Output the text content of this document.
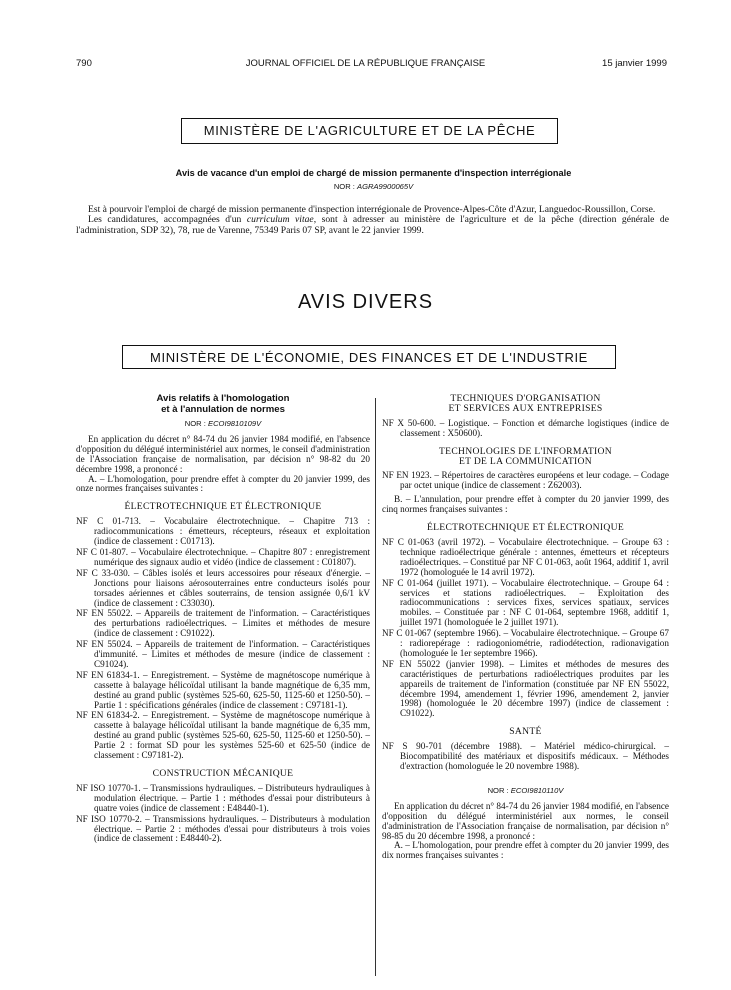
790	JOURNAL OFFICIEL DE LA RÉPUBLIQUE FRANÇAISE	15 janvier 1999
MINISTÈRE DE L'AGRICULTURE ET DE LA PÊCHE
Avis de vacance d'un emploi de chargé de mission permanente d'inspection interrégionale
NOR : AGRA9900065V

Est à pourvoir l'emploi de chargé de mission permanente d'inspection interrégionale de Provence-Alpes-Côte d'Azur, Languedoc-Roussillon, Corse.

Les candidatures, accompagnées d'un curriculum vitae, sont à adresser au ministère de l'agriculture et de la pêche (direction générale de l'administration, SDP 32), 78, rue de Varenne, 75349 Paris 07 SP, avant le 22 janvier 1999.

AVIS DIVERS
MINISTÈRE DE L'ÉCONOMIE, DES FINANCES ET DE L'INDUSTRIE
Avis relatifs à l'homologation
et à l'annulation de normes
NOR : ECOI9810109V

En application du décret n° 84-74 du 26 janvier 1984 modifié, en l'absence d'opposition du délégué interministériel aux normes, le conseil d'administration de l'Association française de normalisation, par décision n° 98-82 du 20 décembre 1998, a prononcé :

A. – L'homologation, pour prendre effet à compter du 20 janvier 1999, des onze normes françaises suivantes :

ÉLECTROTECHNIQUE ET ÉLECTRONIQUE

NF C 01-713. – Vocabulaire électrotechnique. – Chapitre 713 : radiocommunications : émetteurs, récepteurs, réseaux et exploitation (indice de classement : C01713).

NF C 01-807. – Vocabulaire électrotechnique. – Chapitre 807 : enregistrement numérique des signaux audio et vidéo (indice de classement : C01807).

NF C 33-030. – Câbles isolés et leurs accessoires pour réseaux d'énergie. – Jonctions pour liaisons aérosouterraines entre conducteurs isolés pour torsades aériennes et câbles souterrains, de tension assignée 0,6/1 kV (indice de classement : C33030).

NF EN 55022. – Appareils de traitement de l'information. – Caractéristiques des perturbations radioélectriques. – Limites et méthodes de mesure (indice de classement : C91022).

NF EN 55024. – Appareils de traitement de l'information. – Caractéristiques d'immunité. – Limites et méthodes de mesure (indice de classement : C91024).

NF EN 61834-1. – Enregistrement. – Système de magnétoscope numérique à cassette à balayage hélicoïdal utilisant la bande magnétique de 6,35 mm, destiné au grand public (systèmes 525-60, 625-50, 1125-60 et 1250-50). – Partie 1 : spécifications générales (indice de classement : C97181-1).

NF EN 61834-2. – Enregistrement. – Système de magnétoscope numérique à cassette à balayage hélicoïdal utilisant la bande magnétique de 6,35 mm, destiné au grand public (systèmes 525-60, 625-50, 1125-60 et 1250-50). – Partie 2 : format SD pour les systèmes 525-60 et 625-50 (indice de classement : C97181-2).

CONSTRUCTION MÉCANIQUE

NF ISO 10770-1. – Transmissions hydrauliques. – Distributeurs hydrauliques à modulation électrique. – Partie 1 : méthodes d'essai pour distributeurs à quatre voies (indice de classement : E48440-1).

NF ISO 10770-2. – Transmissions hydrauliques. – Distributeurs à modulation électrique. – Partie 2 : méthodes d'essai pour distributeurs à trois voies (indice de classement : E48440-2).

TECHNIQUES D'ORGANISATION
ET SERVICES AUX ENTREPRISES

NF X 50-600. – Logistique. – Fonction et démarche logistiques (indice de classement : X50600).

TECHNOLOGIES DE L'INFORMATION
ET DE LA COMMUNICATION

NF EN 1923. – Répertoires de caractères européens et leur codage. – Codage par octet unique (indice de classement : Z62003).

B. – L'annulation, pour prendre effet à compter du 20 janvier 1999, des cinq normes françaises suivantes :

ÉLECTROTECHNIQUE ET ÉLECTRONIQUE

NF C 01-063 (avril 1972). – Vocabulaire électrotechnique. – Groupe 63 : technique radioélectrique générale : antennes, émetteurs et récepteurs radioélectriques. – Constitué par NF C 01-063, août 1964, additif 1, avril 1972 (homologuée le 14 avril 1972).

NF C 01-064 (juillet 1971). – Vocabulaire électrotechnique. – Groupe 64 : services et stations radioélectriques. – Exploitation des radiocommunications : services fixes, services spatiaux, services mobiles. – Constituée par : NF C 01-064, septembre 1968, additif 1, juillet 1971 (homologuée le 2 juillet 1971).

NF C 01-067 (septembre 1966). – Vocabulaire électrotechnique. – Groupe 67 : radiorepérage : radiogoniométrie, radiodétection, radionavigation (homologuée le 1er septembre 1966).

NF EN 55022 (janvier 1998). – Limites et méthodes de mesures des caractéristiques de perturbations radioélectriques produites par les appareils de traitement de l'information (constituée par NF EN 55022, décembre 1994, amendement 1, février 1996, amendement 2, janvier 1998) (homologuée le 20 décembre 1997) (indice de classement : C91022).

SANTÉ

NF S 90-701 (décembre 1988). – Matériel médico-chirurgical. – Biocompatibilité des matériaux et dispositifs médicaux. – Méthodes d'extraction (homologuée le 20 novembre 1988).

NOR : ECOI9810110V

En application du décret n° 84-74 du 26 janvier 1984 modifié, en l'absence d'opposition du délégué interministériel aux normes, le conseil d'administration de l'Association française de normalisation, par décision n° 98-85 du 20 décembre 1998, a prononcé :

A. – L'homologation, pour prendre effet à compter du 20 janvier 1999, des dix normes françaises suivantes :
